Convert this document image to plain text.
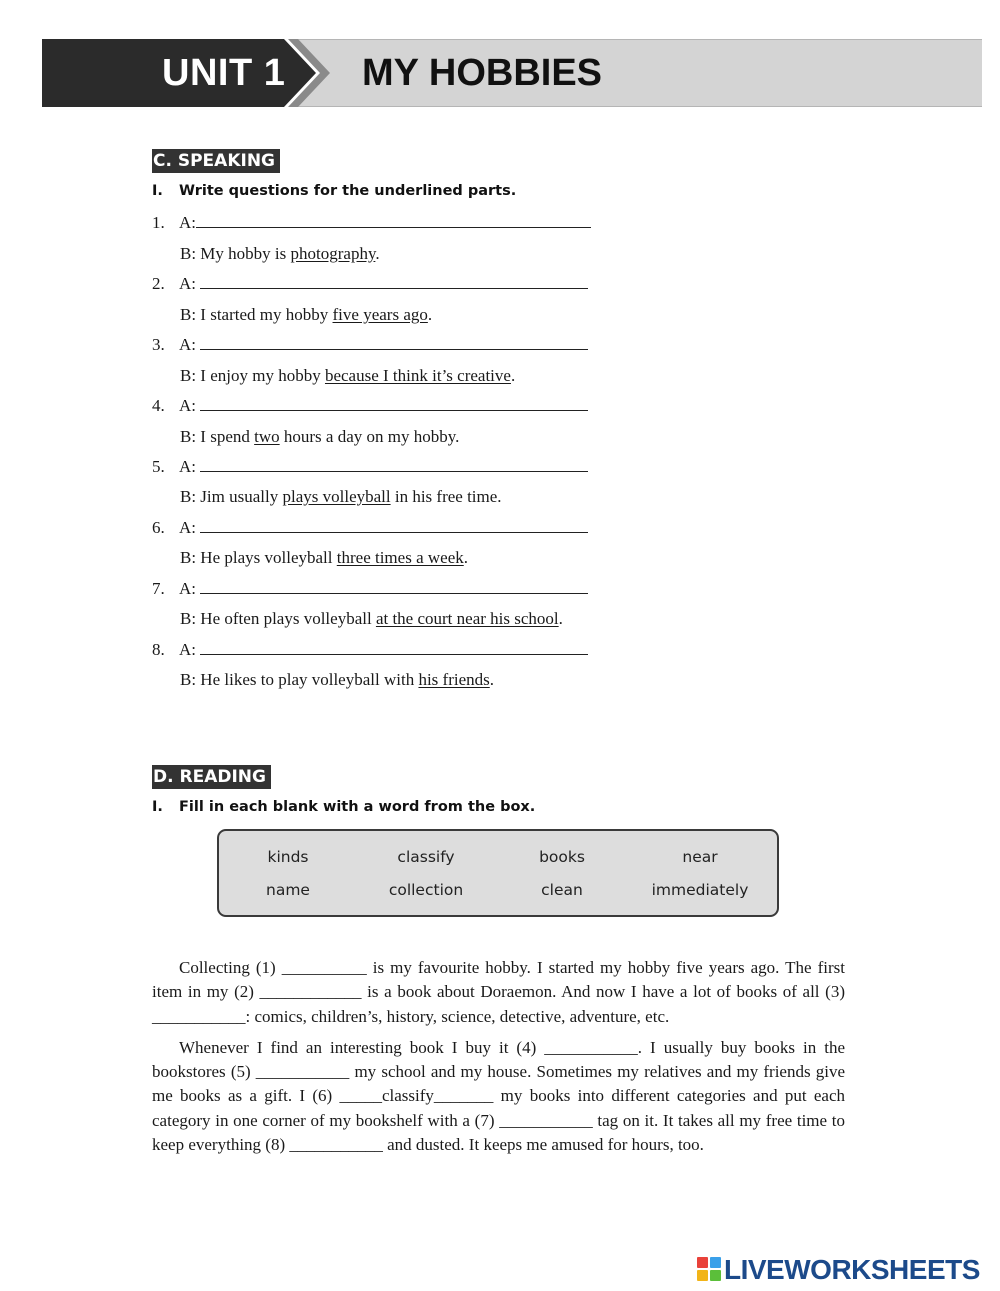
UNIT 1 MY HOBBIES
C. SPEAKING
I. Write questions for the underlined parts.
1. A:
B: My hobby is photography.
2. A:
B: I started my hobby five years ago.
3. A:
B: I enjoy my hobby because I think it’s creative.
4. A:
B: I spend two hours a day on my hobby.
5. A:
B: Jim usually plays volleyball in his free time.
6. A:
B: He plays volleyball three times a week.
7. A:
B: He often plays volleyball at the court near his school.
8. A:
B: He likes to play volleyball with his friends.
D. READING
I. Fill in each blank with a word from the box.
kinds	classify	books	near
name	collection	clean	immediately

Collecting (1) __________ is my favourite hobby. I started my hobby five years ago. The first item in my (2) ____________ is a book about Doraemon. And now I have a lot of books of all (3) ___________: comics, children’s, history, science, detective, adventure, etc.

Whenever I find an interesting book I buy it (4) ___________. I usually buy books in the bookstores (5) ___________ my school and my house. Sometimes my relatives and my friends give me books as a gift. I (6) _____classify_______ my books into different categories and put each category in one corner of my bookshelf with a (7) ___________ tag on it. It takes all my free time to keep everything (8) ___________ and dusted. It keeps me amused for hours, too.

LIVEWORKSHEETS
